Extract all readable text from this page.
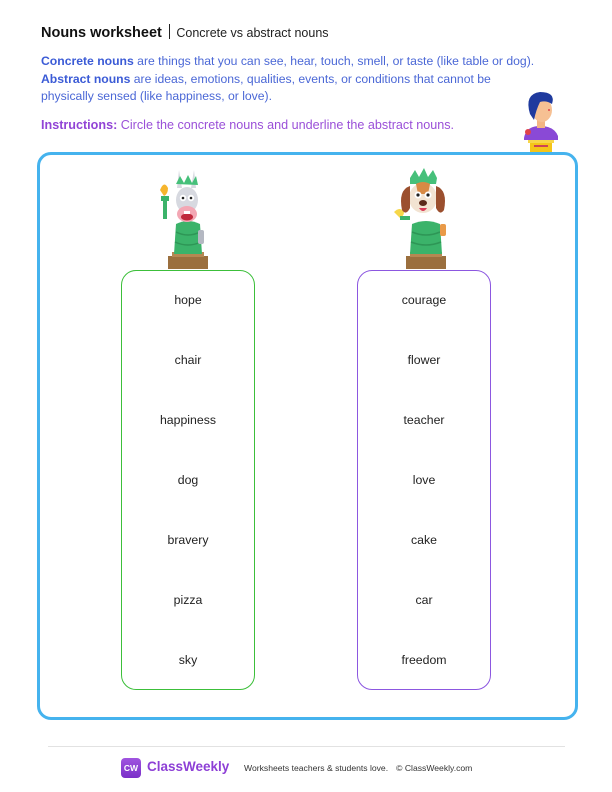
Nouns worksheet Concrete vs abstract nouns
Concrete nouns are things that you can see, hear, touch, smell, or taste (like table or dog). Abstract nouns are ideas, emotions, qualities, events, or conditions that cannot be physically sensed (like happiness, or love).
Instructions: Circle the concrete nouns and underline the abstract nouns.
hope
chair
happiness
dog
bravery
pizza
sky
courage
flower
teacher
love
cake
car
freedom
CW ClassWeekly Worksheets teachers & students love. © ClassWeekly.com
